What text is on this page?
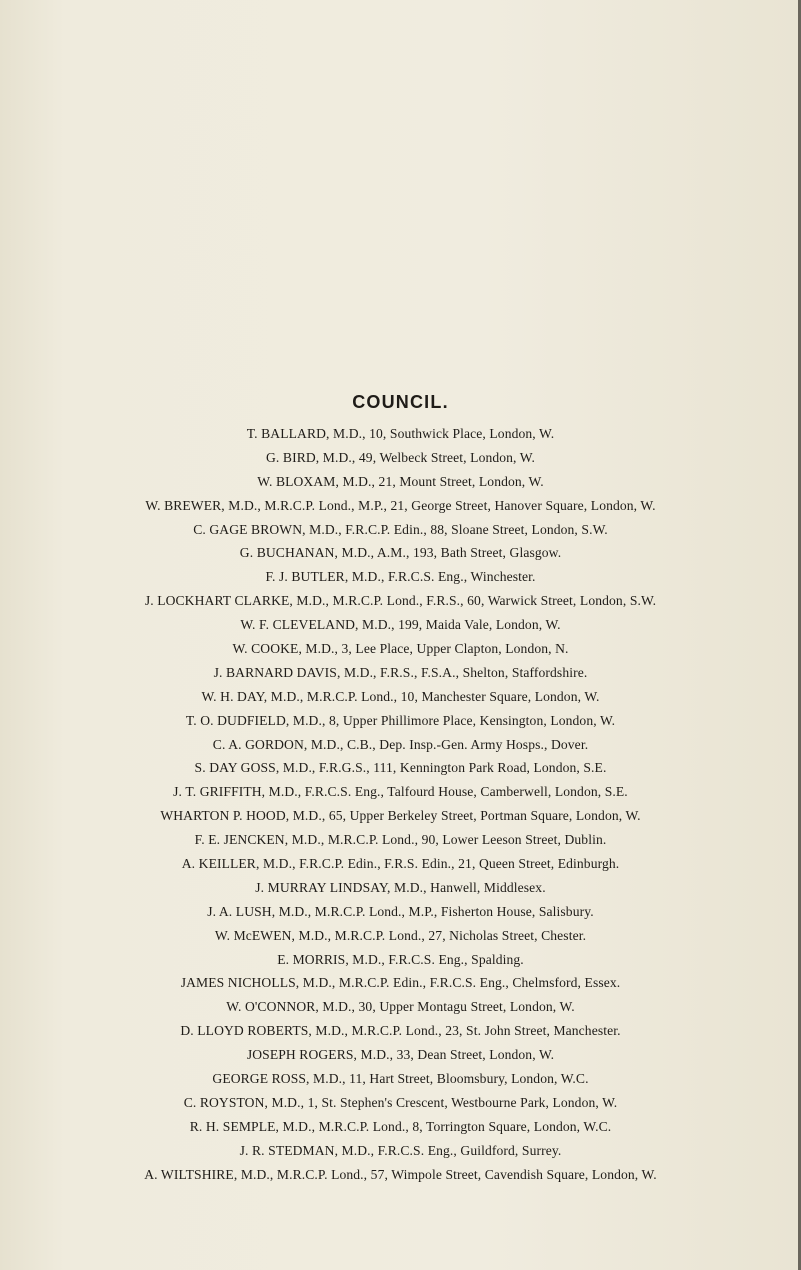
COUNCIL.
T. BALLARD, M.D., 10, Southwick Place, London, W.
G. BIRD, M.D., 49, Welbeck Street, London, W.
W. BLOXAM, M.D., 21, Mount Street, London, W.
W. BREWER, M.D., M.R.C.P. Lond., M.P., 21, George Street, Hanover Square, London, W.
C. GAGE BROWN, M.D., F.R.C.P. Edin., 88, Sloane Street, London, S.W.
G. BUCHANAN, M.D., A.M., 193, Bath Street, Glasgow.
F. J. BUTLER, M.D., F.R.C.S. Eng., Winchester.
J. LOCKHART CLARKE, M.D., M.R.C.P. Lond., F.R.S., 60, Warwick Street, London, S.W.
W. F. CLEVELAND, M.D., 199, Maida Vale, London, W.
W. COOKE, M.D., 3, Lee Place, Upper Clapton, London, N.
J. BARNARD DAVIS, M.D., F.R.S., F.S.A., Shelton, Staffordshire.
W. H. DAY, M.D., M.R.C.P. Lond., 10, Manchester Square, London, W.
T. O. DUDFIELD, M.D., 8, Upper Phillimore Place, Kensington, London, W.
C. A. GORDON, M.D., C.B., Dep. Insp.-Gen. Army Hosps., Dover.
S. DAY GOSS, M.D., F.R.G.S., 111, Kennington Park Road, London, S.E.
J. T. GRIFFITH, M.D., F.R.C.S. Eng., Talfourd House, Camberwell, London, S.E.
WHARTON P. HOOD, M.D., 65, Upper Berkeley Street, Portman Square, London, W.
F. E. JENCKEN, M.D., M.R.C.P. Lond., 90, Lower Leeson Street, Dublin.
A. KEILLER, M.D., F.R.C.P. Edin., F.R.S. Edin., 21, Queen Street, Edinburgh.
J. MURRAY LINDSAY, M.D., Hanwell, Middlesex.
J. A. LUSH, M.D., M.R.C.P. Lond., M.P., Fisherton House, Salisbury.
W. McEWEN, M.D., M.R.C.P. Lond., 27, Nicholas Street, Chester.
E. MORRIS, M.D., F.R.C.S. Eng., Spalding.
JAMES NICHOLLS, M.D., M.R.C.P. Edin., F.R.C.S. Eng., Chelmsford, Essex.
W. O'CONNOR, M.D., 30, Upper Montagu Street, London, W.
D. LLOYD ROBERTS, M.D., M.R.C.P. Lond., 23, St. John Street, Manchester.
JOSEPH ROGERS, M.D., 33, Dean Street, London, W.
GEORGE ROSS, M.D., 11, Hart Street, Bloomsbury, London, W.C.
C. ROYSTON, M.D., 1, St. Stephen's Crescent, Westbourne Park, London, W.
R. H. SEMPLE, M.D., M.R.C.P. Lond., 8, Torrington Square, London, W.C.
J. R. STEDMAN, M.D., F.R.C.S. Eng., Guildford, Surrey.
A. WILTSHIRE, M.D., M.R.C.P. Lond., 57, Wimpole Street, Cavendish Square, London, W.
